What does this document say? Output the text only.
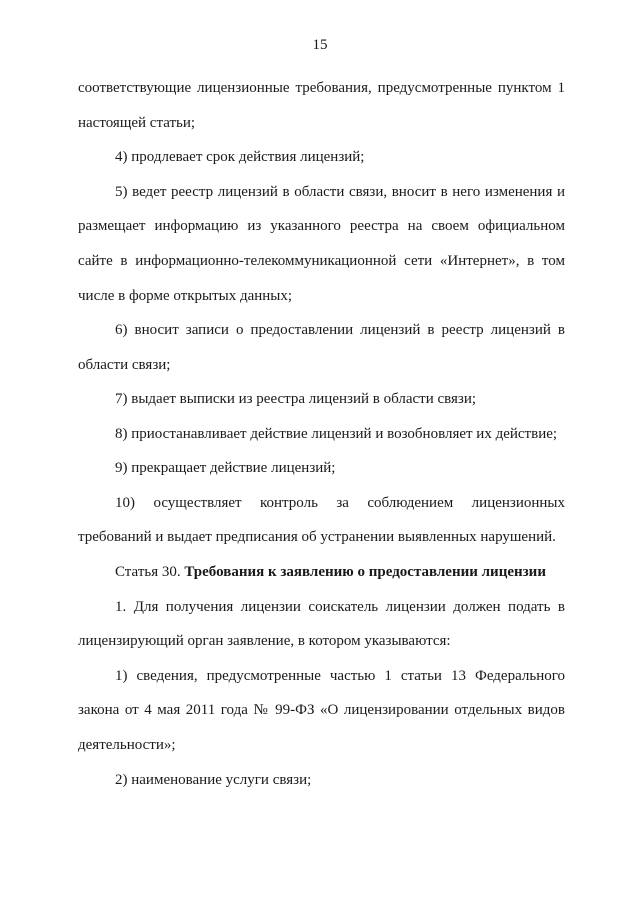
15
соответствующие лицензионные требования, предусмотренные пунктом 1
настоящей статьи;
4) продлевает срок действия лицензий;
5) ведет реестр лицензий в области связи, вносит в него изменения и
размещает информацию из указанного реестра на своем официальном
сайте в информационно-телекоммуникационной сети «Интернет», в том
числе в форме открытых данных;
6) вносит записи о предоставлении лицензий в реестр лицензий в
области связи;
7) выдает выписки из реестра лицензий в области связи;
8) приостанавливает действие лицензий и возобновляет их действие;
9) прекращает действие лицензий;
10) осуществляет контроль за соблюдением лицензионных
требований и выдает предписания об устранении выявленных нарушений.
Статья 30. Требования к заявлению о предоставлении лицензии
1. Для получения лицензии соискатель лицензии должен подать в
лицензирующий орган заявление, в котором указываются:
1) сведения, предусмотренные частью 1 статьи 13 Федерального
закона от 4 мая 2011 года № 99-ФЗ «О лицензировании отдельных видов
деятельности»;
2) наименование услуги связи;
